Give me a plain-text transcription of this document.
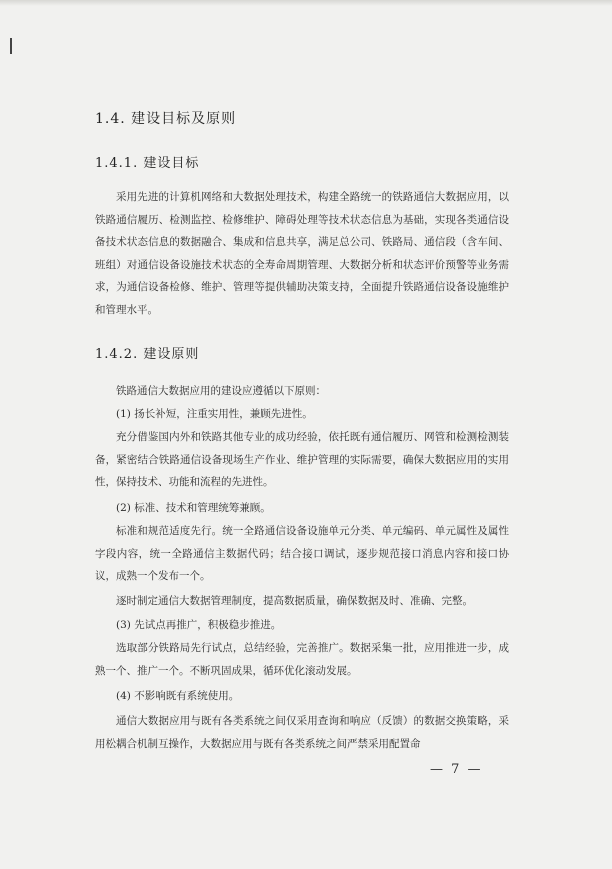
1.4. 建设目标及原则
1.4.1. 建设目标

采用先进的计算机网络和大数据处理技术，构建全路统一的铁路通信大数据应用，以铁路通信履历、检测监控、检修维护、障碍处理等技术状态信息为基础，实现各类通信设备技术状态信息的数据融合、集成和信息共享，满足总公司、铁路局、通信段（含车间、班组）对通信设备设施技术状态的全寿命周期管理、大数据分析和状态评价预警等业务需求，为通信设备检修、维护、管理等提供辅助决策支持，全面提升铁路通信设备设施维护和管理水平。

1.4.2. 建设原则

铁路通信大数据应用的建设应遵循以下原则：

(1) 扬长补短，注重实用性，兼顾先进性。

充分借鉴国内外和铁路其他专业的成功经验，依托既有通信履历、网管和检测检测装备，紧密结合铁路通信设备现场生产作业、维护管理的实际需要，确保大数据应用的实用性，保持技术、功能和流程的先进性。

(2) 标准、技术和管理统筹兼顾。

标准和规范适度先行。统一全路通信设备设施单元分类、单元编码、单元属性及属性字段内容，统一全路通信主数据代码；结合接口调试，逐步规范接口消息内容和接口协议，成熟一个发布一个。

逐时制定通信大数据管理制度，提高数据质量，确保数据及时、准确、完整。

(3) 先试点再推广，积极稳步推进。

选取部分铁路局先行试点，总结经验，完善推广。数据采集一批，应用推进一步，成熟一个、推广一个。不断巩固成果，循环优化滚动发展。

(4) 不影响既有系统使用。

通信大数据应用与既有各类系统之间仅采用查询和响应（反馈）的数据交换策略，采用松耦合机制互操作，大数据应用与既有各类系统之间严禁采用配置命

— 7 —
